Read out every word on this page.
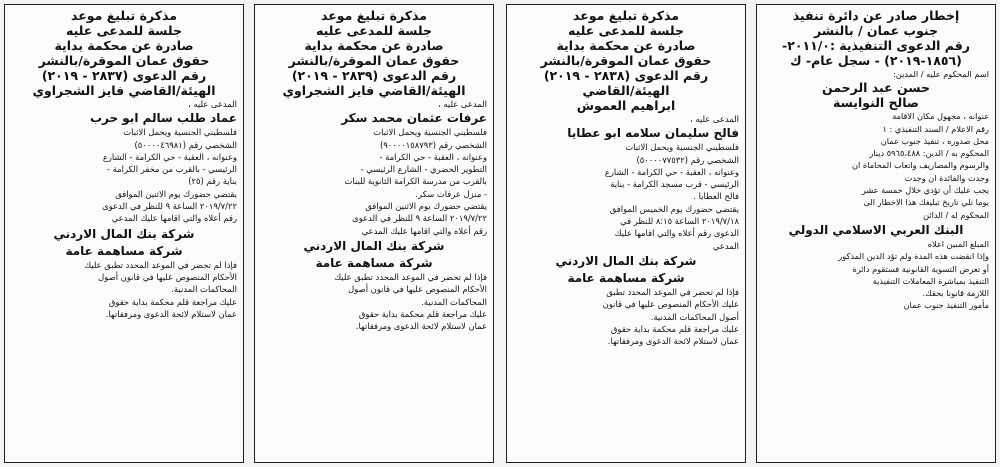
مذكرة تبليغ موعد

جلسة للمدعى عليه

صادرة عن محكمة بداية

حقوق عمان الموقرة/بالنشر

رقم الدعوى (٢٨٣٧ - ٢٠١٩)

الهيئة/القاضي فايز الشجراوي

المدعى عليه ،

عماد طلب سالم ابو حرب

فلسطيني الجنسية ويحمل الاثبات

الشخصي رقم (٥٠٠٠٠٤٦٩٨١)

وعنوانه ، العقبة - حي الكرامة - الشارع

الرئيسي - بالقرب من مخفر الكرامة -

بناية رقم (٢٥)

يقتضي حضورك يوم الاثنين الموافق

٢٠١٩/٧/٢٢ الساعة ٩ للنظر في الدعوى

رقم أعلاه والتي اقامها عليك المدعي

شركة بنك المال الاردني

شركة مساهمة عامة

فإذا لم تحضر في الموعد المحدد تطبق عليك

الأحكام المنصوص عليها في قانون أصول

المحاكمات المدنية.

عليك مراجعة قلم محكمة بداية حقوق

عمان لاستلام لائحة الدعوى ومرفقاتها.

مذكرة تبليغ موعد

جلسة للمدعى عليه

صادرة عن محكمة بداية

حقوق عمان الموقرة/بالنشر

رقم الدعوى (٢٨٣٩ - ٢٠١٩)

الهيئة/القاضي فايز الشجراوي

المدعى عليه ،

عرفات عثمان محمد سكر

فلسطيني الجنسية ويحمل الاثبات

الشخصي رقم (٩٠٠٠٠١٥٨٧٩٣)

وعنوانه ، العقبة - حي الكرامة -

التطوير الحضري - الشارع الرئيسي -

بالقرب من مدرسة الكرامة الثانوية للبنات

- منزل عرفات سكر.

يقتضي حضورك يوم الاثنين الموافق

٢٠١٩/٧/٢٢ الساعة ٩ للنظر في الدعوى

رقم أعلاه والتي اقامها عليك المدعي

شركة بنك المال الاردني

شركة مساهمة عامة

فإذا لم تحضر في الموعد المحدد تطبق عليك

الأحكام المنصوص عليها في قانون أصول

المحاكمات المدنية.

عليك مراجعة قلم محكمة بداية حقوق

عمان لاستلام لائحة الدعوى ومرفقاتها.

مذكرة تبليغ موعد

جلسة للمدعى عليه

صادرة عن محكمة بداية

حقوق عمان الموقرة/بالنشر

رقم الدعوى (٢٨٣٨ - ٢٠١٩)

الهيئة/القاضي

ابراهيم العموش

المدعى عليه ،

فالح سليمان سلامه ابو عطايا

فلسطيني الجنسية ويحمل الاثبات

الشخصي رقم (٥٠٠٠٠٧٧٥٣٢)

وعنوانه ، العقبة - حي الكرامة - الشارع

الرئيسي - قرب مسجد الكرامة - بناية

فالح العطايا .

يقتضي حضورك يوم الخميس الموافق

٢٠١٩/٧/١٨ الساعة ٨:١٥ للنظر في

الدعوى رقم أعلاه والتي اقامها عليك

المدعي

شركة بنك المال الاردني

شركة مساهمة عامة

فإذا لم تحضر في الموعد المحدد تطبق

عليك الأحكام المنصوص عليها في قانون

أصول المحاكمات المدنية.

عليك مراجعة قلم محكمة بداية حقوق

عمان لاستلام لائحة الدعوى ومرفقاتها.

إخطار صادر عن دائرة تنفيذ

جنوب عمان / بالنشر

رقم الدعوى التنفيذية :٢٠١١/٠-

(١٨٥٦-٢٠١٩) - سجل عام- ك

اسم المحكوم عليه / المدين:

حسن عبد الرحمن

صالح النوايسة

عنوانه ، مجهول مكان الاقامة

رقم الاعلام / السند التنفيذي : ١

محل صدوره ، تنفيذ جنوب عمان

المحكوم به / الدين: ٥٩٦٥،٤٨٨ دينار

والرسوم والمصاريف واتعاب المحاماة ان

وجدت والفائدة ان وجدت

يجب عليك أن تؤدي خلال خمسة عشر

يوما تلي تاريخ تبليغك هذا الاخطار الى

المحكوم له / الدائن

البنك العربي الاسلامي الدولي

المبلغ المبين اعلاه

وإذا انقضت هذه المدة ولم تؤد الدين المذكور

أو تعرض التسوية القانونية فستقوم دائرة

التنفيذ بمباشرة المعاملات التنفيذية

اللازمة قانونا بحقك.

مأمور التنفيذ جنوب عمان
